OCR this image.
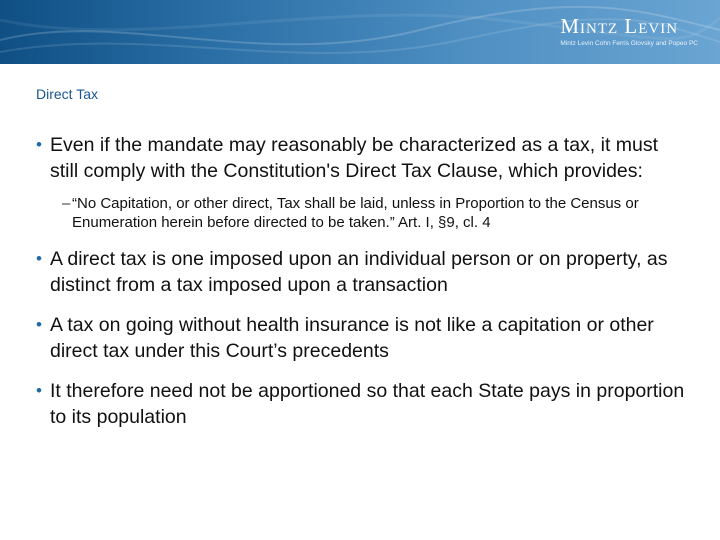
Mintz Levin
Mintz Levin Cohn Ferris Glovsky and Popeo PC
Direct Tax
• Even if the mandate may reasonably be characterized as a tax, it must still comply with the Constitution's Direct Tax Clause, which provides:
– “No Capitation, or other direct, Tax shall be laid, unless in Proportion to the Census or Enumeration herein before directed to be taken.” Art. I, §9, cl. 4
• A direct tax is one imposed upon an individual person or on property, as distinct from a tax imposed upon a transaction
• A tax on going without health insurance is not like a capitation or other direct tax under this Court’s precedents
• It therefore need not be apportioned so that each State pays in proportion to its population
